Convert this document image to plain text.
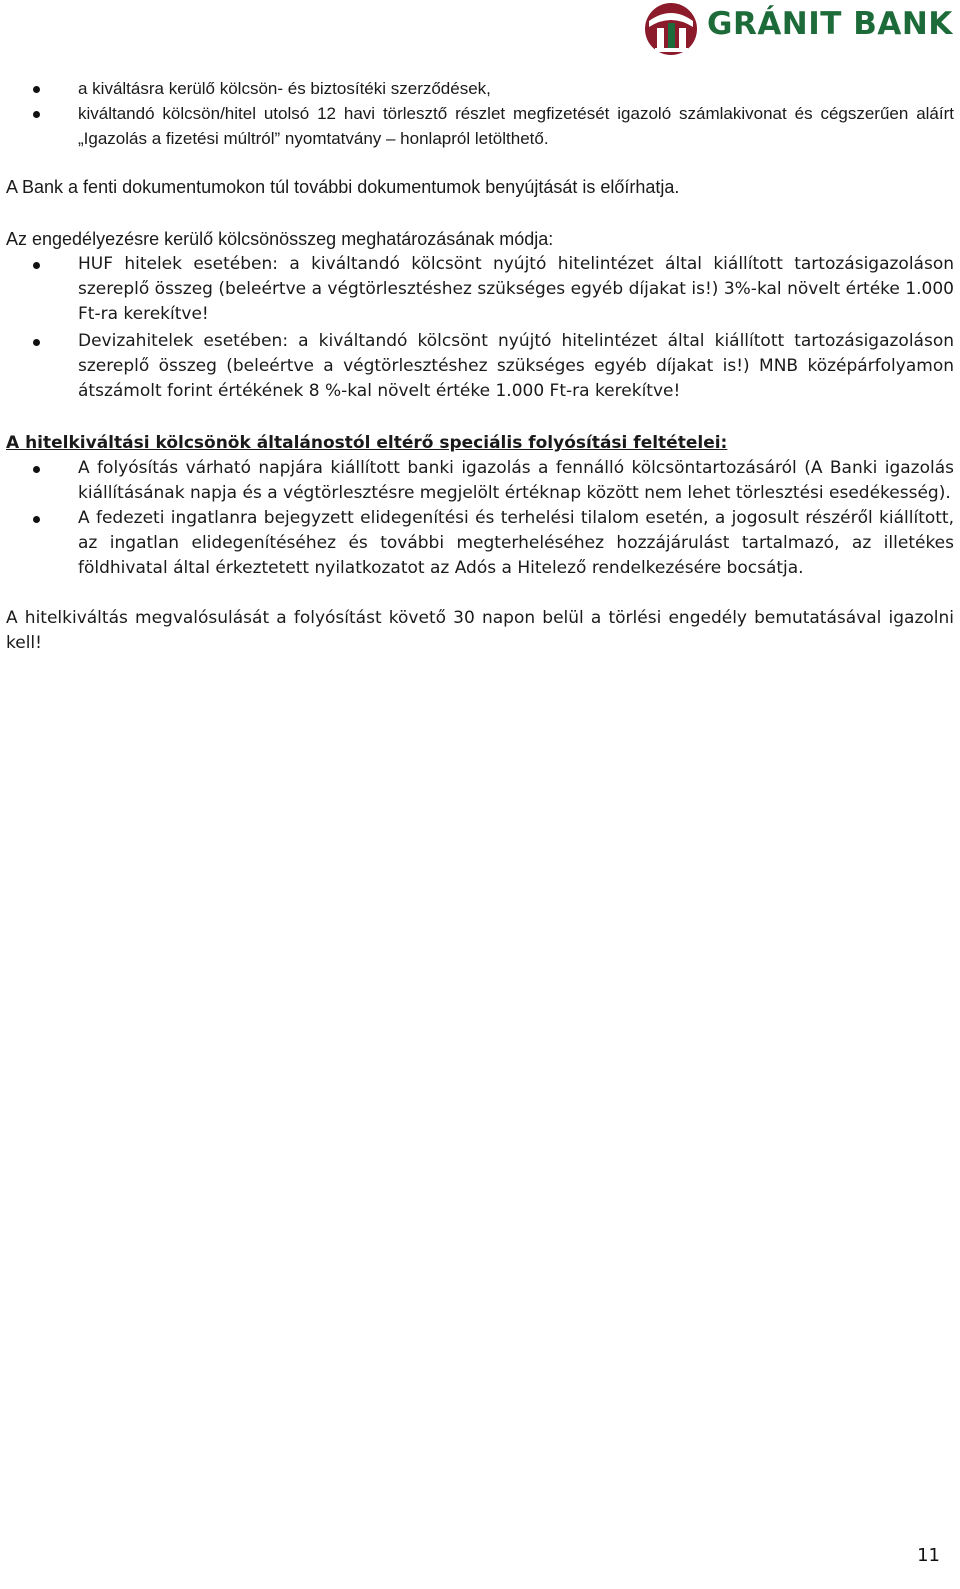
GRÁNIT BANK
a kiváltásra kerülő kölcsön- és biztosítéki szerződések,
kiváltandó kölcsön/hitel utolsó 12 havi törlesztő részlet megfizetését igazoló számlakivonat és cégszerűen aláírt „Igazolás a fizetési múltról” nyomtatvány – honlapról letölthető.

A Bank a fenti dokumentumokon túl további dokumentumok benyújtását is előírhatja.

Az engedélyezésre kerülő kölcsönösszeg meghatározásának módja:

HUF hitelek esetében: a kiváltandó kölcsönt nyújtó hitelintézet által kiállított tartozásigazoláson szereplő összeg (beleértve a végtörlesztéshez szükséges egyéb díjakat is!) 3%-kal növelt értéke 1.000 Ft-ra kerekítve!
Devizahitelek esetében: a kiváltandó kölcsönt nyújtó hitelintézet által kiállított tartozásigazoláson szereplő összeg (beleértve a végtörlesztéshez szükséges egyéb díjakat is!) MNB középárfolyamon átszámolt forint értékének 8 %-kal növelt értéke 1.000 Ft-ra kerekítve!

A hitelkiváltási kölcsönök általánostól eltérő speciális folyósítási feltételei:

A folyósítás várható napjára kiállított banki igazolás a fennálló kölcsöntartozásáról (A Banki igazolás kiállításának napja és a végtörlesztésre megjelölt értéknap között nem lehet törlesztési esedékesség).
A fedezeti ingatlanra bejegyzett elidegenítési és terhelési tilalom esetén, a jogosult részéről kiállított, az ingatlan elidegenítéséhez és további megterheléséhez hozzájárulást tartalmazó, az illetékes földhivatal által érkeztetett nyilatkozatot az Adós a Hitelező rendelkezésére bocsátja.

A hitelkiváltás megvalósulását a folyósítást követő 30 napon belül a törlési engedély bemutatásával igazolni kell!

11
